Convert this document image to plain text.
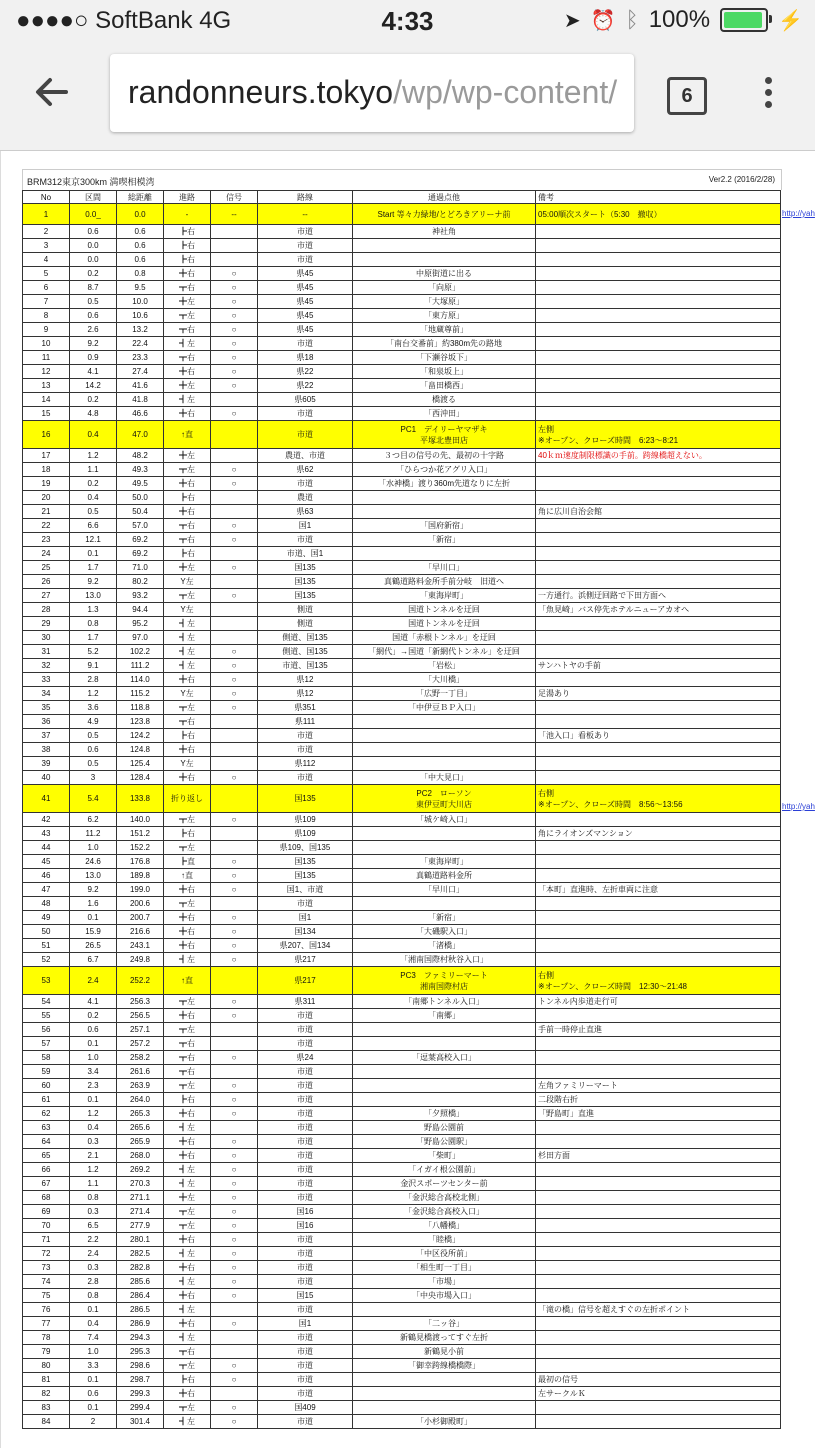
●●●●○ SoftBank 4G	4:33	➤ ⏰ ᛒ 100%	⚡
randonneurs.tokyo/wp/wp-content/	6
BRM312東京300km 満喫相模湾	Ver2.2 (2016/2/28)
No	区間	総距離	進路	信号	路線	通過点他	備考
1	0.0_	0.0	-	--	--	Start 等々力緑地/とどろきアリーナ前	05:00順次スタート（5:30　撤収）
2	0.6	0.6	┣右		市道	神社角	
3	0.0	0.6	┣右		市道		
4	0.0	0.6	┣右		市道		
5	0.2	0.8	╋右	○	県45	中原街道に出る	
6	8.7	9.5	┳右	○	県45	「向原」	
7	0.5	10.0	╋左	○	県45	「大塚原」	
8	0.6	10.6	┳左	○	県45	「東方原」	
9	2.6	13.2	┳右	○	県45	「地蔵尊前」	
10	9.2	22.4	┫左	○	市道	「南台交番前」約380m先の路地	
11	0.9	23.3	┳右	○	県18	「下瀬谷坂下」	
12	4.1	27.4	╋右	○	県22	「和泉坂上」	
13	14.2	41.6	╋左	○	県22	「畠田橋西」	
14	0.2	41.8	┫左		県605	橋渡る	
15	4.8	46.6	╋右	○	市道	「西沖田」	
16	0.4	47.0	↑直		市道	PC1　デイリーヤマザキ
平塚北豊田店	左側
※オープン、クローズ時間　6:23〜8:21
17	1.2	48.2	╋左		農道、市道	３つ目の信号の先、最初の十字路	40ｋｍ速度制限標識の手前。跨線橋超えない。
18	1.1	49.3	┳左	○	県62	「ひらつか花アグリ入口」	
19	0.2	49.5	╋右	○	市道	「水神橋」渡り360m先道なりに左折	
20	0.4	50.0	┣右		農道		
21	0.5	50.4	╋右		県63		角に広川自治会館
22	6.6	57.0	┳右	○	国1	「国府新宿」	
23	12.1	69.2	┳右	○	市道	「新宿」	
24	0.1	69.2	┣右		市道、国1		
25	1.7	71.0	╋左	○	国135	「早川口」	
26	9.2	80.2	Y左		国135	真鶴道路料金所手前分岐　旧道へ	
27	13.0	93.2	┳左	○	国135	「東海岸町」	一方通行。浜側迂回路で下田方面へ
28	1.3	94.4	Y左		側道	国道トンネルを迂回	「魚見崎」バス停先ホテルニューアカオへ
29	0.8	95.2	┫左		側道	国道トンネルを迂回	
30	1.7	97.0	┫左		側道、国135	国道「赤根トンネル」を迂回	
31	5.2	102.2	┫左	○	側道、国135	「網代」→国道「新網代トンネル」を迂回	
32	9.1	111.2	┫左	○	市道、国135	「岩松」	サンハトヤの手前
33	2.8	114.0	╋右	○	県12	「大川橋」	
34	1.2	115.2	Y左	○	県12	「広野一丁目」	足湯あり
35	3.6	118.8	┳左	○	県351	「中伊豆ＢＰ入口」	
36	4.9	123.8	┳右		県111		
37	0.5	124.2	┣右		市道		「池入口」看板あり
38	0.6	124.8	╋右		市道		
39	0.5	125.4	Y左		県112		
40	3	128.4	╋右	○	市道	「中大見口」	
41	5.4	133.8	折り返し		国135	PC2　ローソン
東伊豆町大川店	右側
※オープン、クローズ時間　8:56〜13:56
42	6.2	140.0	┳左	○	県109	「城ケ崎入口」	
43	11.2	151.2	┣右		県109		角にライオンズマンション
44	1.0	152.2	┳左		県109、国135		
45	24.6	176.8	┣直	○	国135	「東海岸町」	
46	13.0	189.8	↑直	○	国135	真鶴道路料金所	
47	9.2	199.0	╋右	○	国1、市道	「早川口」	「本町」直進時、左折車両に注意
48	1.6	200.6	┳左		市道		
49	0.1	200.7	╋右	○	国1	「新宿」	
50	15.9	216.6	╋右	○	国134	「大磯駅入口」	
51	26.5	243.1	╋右	○	県207、国134	「渚橋」	
52	6.7	249.8	┫左	○	県217	「湘南国際村秋谷入口」	
53	2.4	252.2	↑直		県217	PC3　ファミリーマート
湘南国際村店	右側
※オープン、クローズ時間　12:30〜21:48
54	4.1	256.3	┳左	○	県311	「南郷トンネル入口」	トンネル内歩道走行可
55	0.2	256.5	╋右	○	市道	「南郷」	
56	0.6	257.1	┳左		市道		手前一時停止直進
57	0.1	257.2	┳右		市道		
58	1.0	258.2	┳右	○	県24	「逗葉高校入口」	
59	3.4	261.6	┳右		市道		
60	2.3	263.9	┳左	○	市道		左角ファミリーマート
61	0.1	264.0	┣右	○	市道		二段階右折
62	1.2	265.3	╋右	○	市道	「夕照橋」	「野島町」直進
63	0.4	265.6	┫左		市道	野島公園前	
64	0.3	265.9	╋右	○	市道	「野島公園駅」	
65	2.1	268.0	╋右	○	市道	「柴町」	杉田方面
66	1.2	269.2	┫左	○	市道	「イガイ根公園前」	
67	1.1	270.3	┫左	○	市道	金沢スポーツセンター前	
68	0.8	271.1	╋左	○	市道	「金沢総合高校北側」	
69	0.3	271.4	┳左	○	国16	「金沢総合高校入口」	
70	6.5	277.9	┳左	○	国16	「八幡橋」	
71	2.2	280.1	╋右	○	市道	「睦橋」	
72	2.4	282.5	┫左	○	市道	「中区役所前」	
73	0.3	282.8	╋右	○	市道	「相生町一丁目」	
74	2.8	285.6	┫左	○	市道	「市場」	
75	0.8	286.4	╋右	○	国15	「中央市場入口」	
76	0.1	286.5	┫左		市道		「滝の橋」信号を超えすぐの左折ポイント
77	0.4	286.9	╋右	○	国1	「二ッ谷」	
78	7.4	294.3	┫左		市道	新鶴見橋渡ってすぐ左折	
79	1.0	295.3	┳右		市道	新鶴見小前	
80	3.3	298.6	┳左	○	市道	「御幸跨線橋橋際」	
81	0.1	298.7	┣右	○	市道		最初の信号
82	0.6	299.3	╋右		市道		左サークルＫ
83	0.1	299.4	┳左	○	国409		
84	2	301.4	┫左	○	市道	「小杉御殿町」	
http://yah
http://yah
